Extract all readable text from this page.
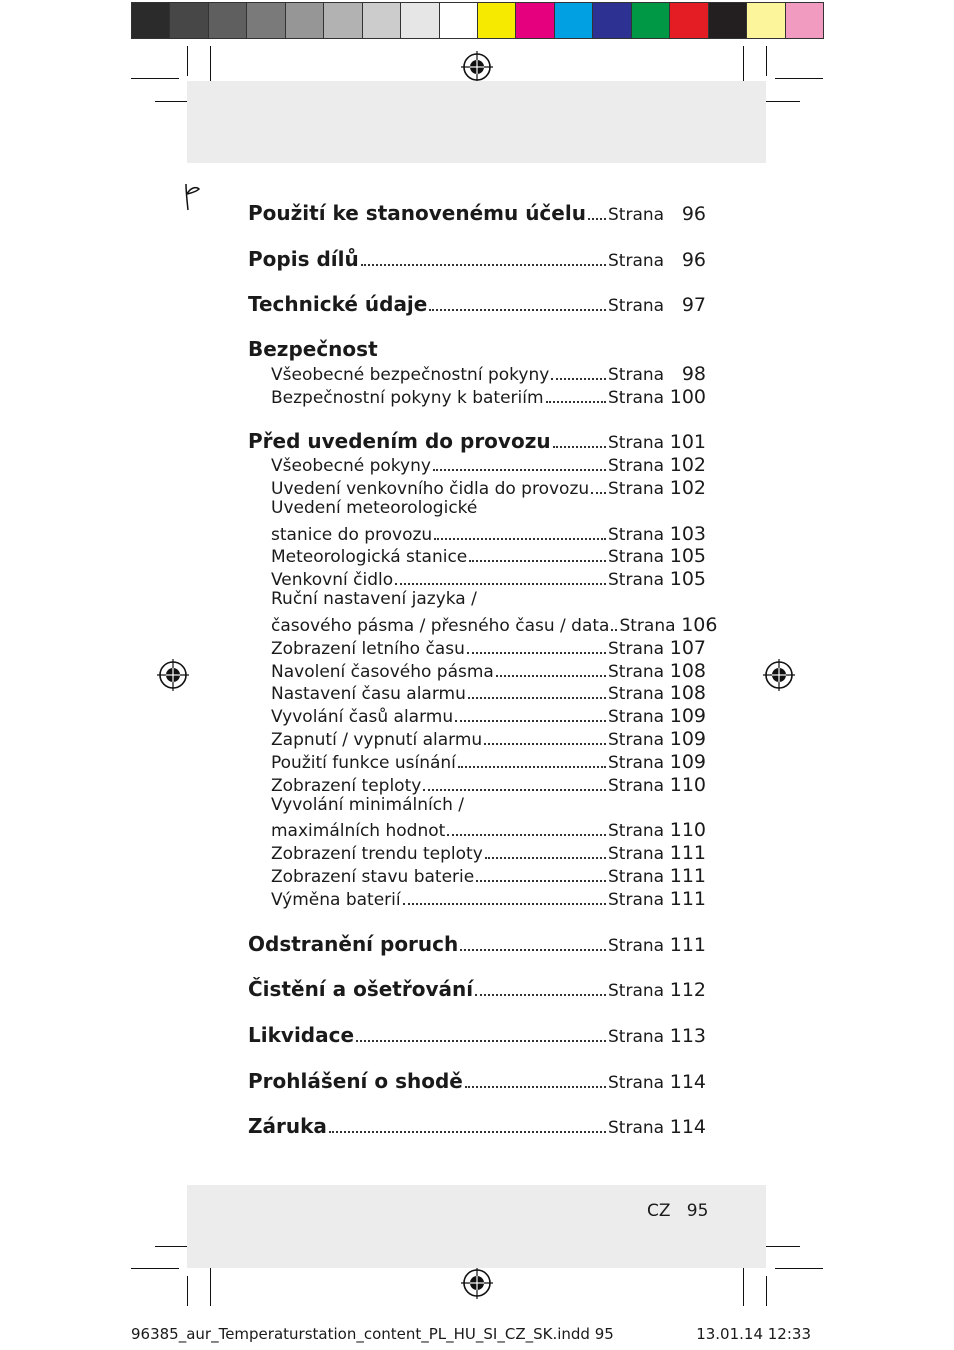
Použití ke stanovenému účelu Strana 96
Popis dílů	Strana 96
Technické údaje	Strana 97
Bezpečnost
Všeobecné bezpečnostní pokyny	Strana 98
Bezpečnostní pokyny k bateriím	Strana 100
Před uvedením do provozu	Strana 101
Všeobecné pokyny	Strana 102
Uvedení venkovního čidla do provozu Strana 102
Uvedení meteorologické
stanice do provozu	Strana 103
Meteorologická stanice	Strana 105
Venkovní čidlo	Strana 105
Ruční nastavení jazyka /
časového pásma / přesného času / data Strana 106
Zobrazení letního času	Strana 107
Navolení časového pásma	Strana 108
Nastavení času alarmu	Strana 108
Vyvolání časů alarmu	Strana 109
Zapnutí / vypnutí alarmu	Strana 109
Použití funkce usínání	Strana 109
Zobrazení teploty	Strana 110
Vyvolání minimálních /
maximálních hodnot	Strana 110
Zobrazení trendu teploty	Strana 111
Zobrazení stavu baterie	Strana 111
Výměna baterií	Strana 111
Odstranění poruch	Strana 111
Čistění a ošetřování	Strana 112
Likvidace	Strana 113
Prohlášení o shodě	Strana 114
Záruka	Strana 114
CZ 95
96385_aur_Temperaturstation_content_PL_HU_SI_CZ_SK.indd 95	13.01.14 12:33
